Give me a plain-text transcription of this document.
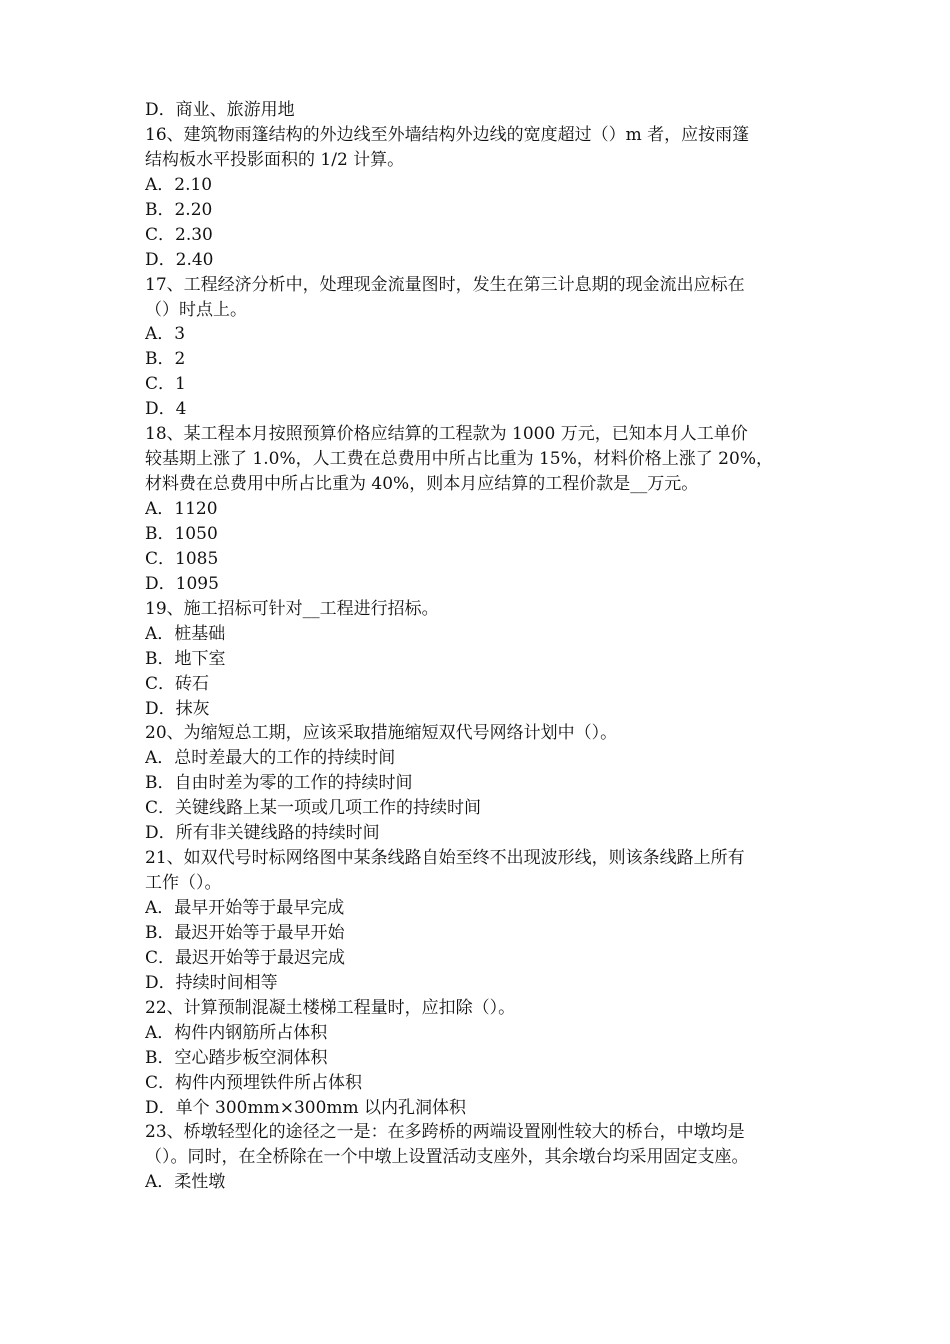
D．商业、旅游用地
16、建筑物雨篷结构的外边线至外墙结构外边线的宽度超过（）m 者，应按雨篷
结构板水平投影面积的 1/2 计算。
A．2.10
B．2.20
C．2.30
D．2.40
17、工程经济分析中，处理现金流量图时，发生在第三计息期的现金流出应标在
（）时点上。
A．3
B．2
C．1
D．4
18、某工程本月按照预算价格应结算的工程款为 1000 万元，已知本月人工单价
较基期上涨了 1.0%，人工费在总费用中所占比重为 15%，材料价格上涨了 20%，
材料费在总费用中所占比重为 40%，则本月应结算的工程价款是__万元。
A．1120
B．1050
C．1085
D．1095
19、施工招标可针对__工程进行招标。
A．桩基础
B．地下室
C．砖石
D．抹灰
20、为缩短总工期，应该采取措施缩短双代号网络计划中（）。
A．总时差最大的工作的持续时间
B．自由时差为零的工作的持续时间
C．关键线路上某一项或几项工作的持续时间
D．所有非关键线路的持续时间
21、如双代号时标网络图中某条线路自始至终不出现波形线，则该条线路上所有
工作（）。
A．最早开始等于最早完成
B．最迟开始等于最早开始
C．最迟开始等于最迟完成
D．持续时间相等
22、计算预制混凝土楼梯工程量时，应扣除（）。
A．构件内钢筋所占体积
B．空心踏步板空洞体积
C．构件内预埋铁件所占体积
D．单个 300mm×300mm 以内孔洞体积
23、桥墩轻型化的途径之一是：在多跨桥的两端设置刚性较大的桥台，中墩均是
（）。同时，在全桥除在一个中墩上设置活动支座外，其余墩台均采用固定支座。
A．柔性墩
